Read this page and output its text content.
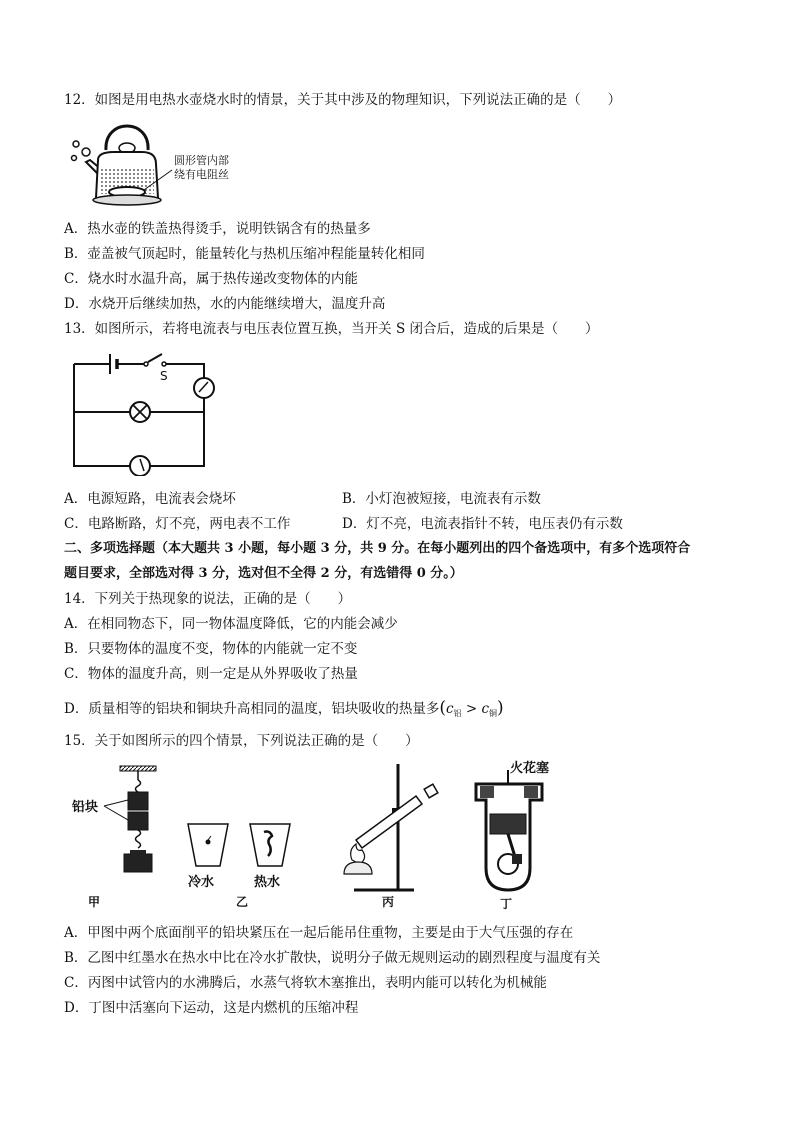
12．如图是用电热水壶烧水时的情景，关于其中涉及的物理知识，下列说法正确的是（　　）
圆形管内部
绕有电阻丝
A．热水壶的铁盖热得烫手，说明铁锅含有的热量多
B．壶盖被气顶起时，能量转化与热机压缩冲程能量转化相同
C．烧水时水温升高，属于热传递改变物体的内能
D．水烧开后继续加热，水的内能继续增大，温度升高
13．如图所示，若将电流表与电压表位置互换，当开关 S 闭合后，造成的后果是（　　）
S
A．电源短路，电流表会烧坏	B．小灯泡被短接，电流表有示数
C．电路断路，灯不亮，两电表不工作	D．灯不亮，电流表指针不转，电压表仍有示数
二、多项选择题（本大题共 3 小题，每小题 3 分，共 9 分。在每小题列出的四个备选项中，有多个选项符合
题目要求，全部选对得 3 分，选对但不全得 2 分，有选错得 0 分。）
14．下列关于热现象的说法，正确的是（　　）
A．在相同物态下，同一物体温度降低，它的内能会减少
B．只要物体的温度不变，物体的内能就一定不变
C．物体的温度升高，则一定是从外界吸收了热量
D．质量相等的铝块和铜块升高相同的温度，铝块吸收的热量多$(c_铝 > c_铜)$
15．关于如图所示的四个情景，下列说法正确的是（　　）
铅块
甲
冷水	热水
乙	丙
火花塞
丁
A．甲图中两个底面削平的铅块紧压在一起后能吊住重物，主要是由于大气压强的存在
B．乙图中红墨水在热水中比在冷水扩散快，说明分子做无规则运动的剧烈程度与温度有关
C．丙图中试管内的水沸腾后，水蒸气将软木塞推出，表明内能可以转化为机械能
D．丁图中活塞向下运动，这是内燃机的压缩冲程
